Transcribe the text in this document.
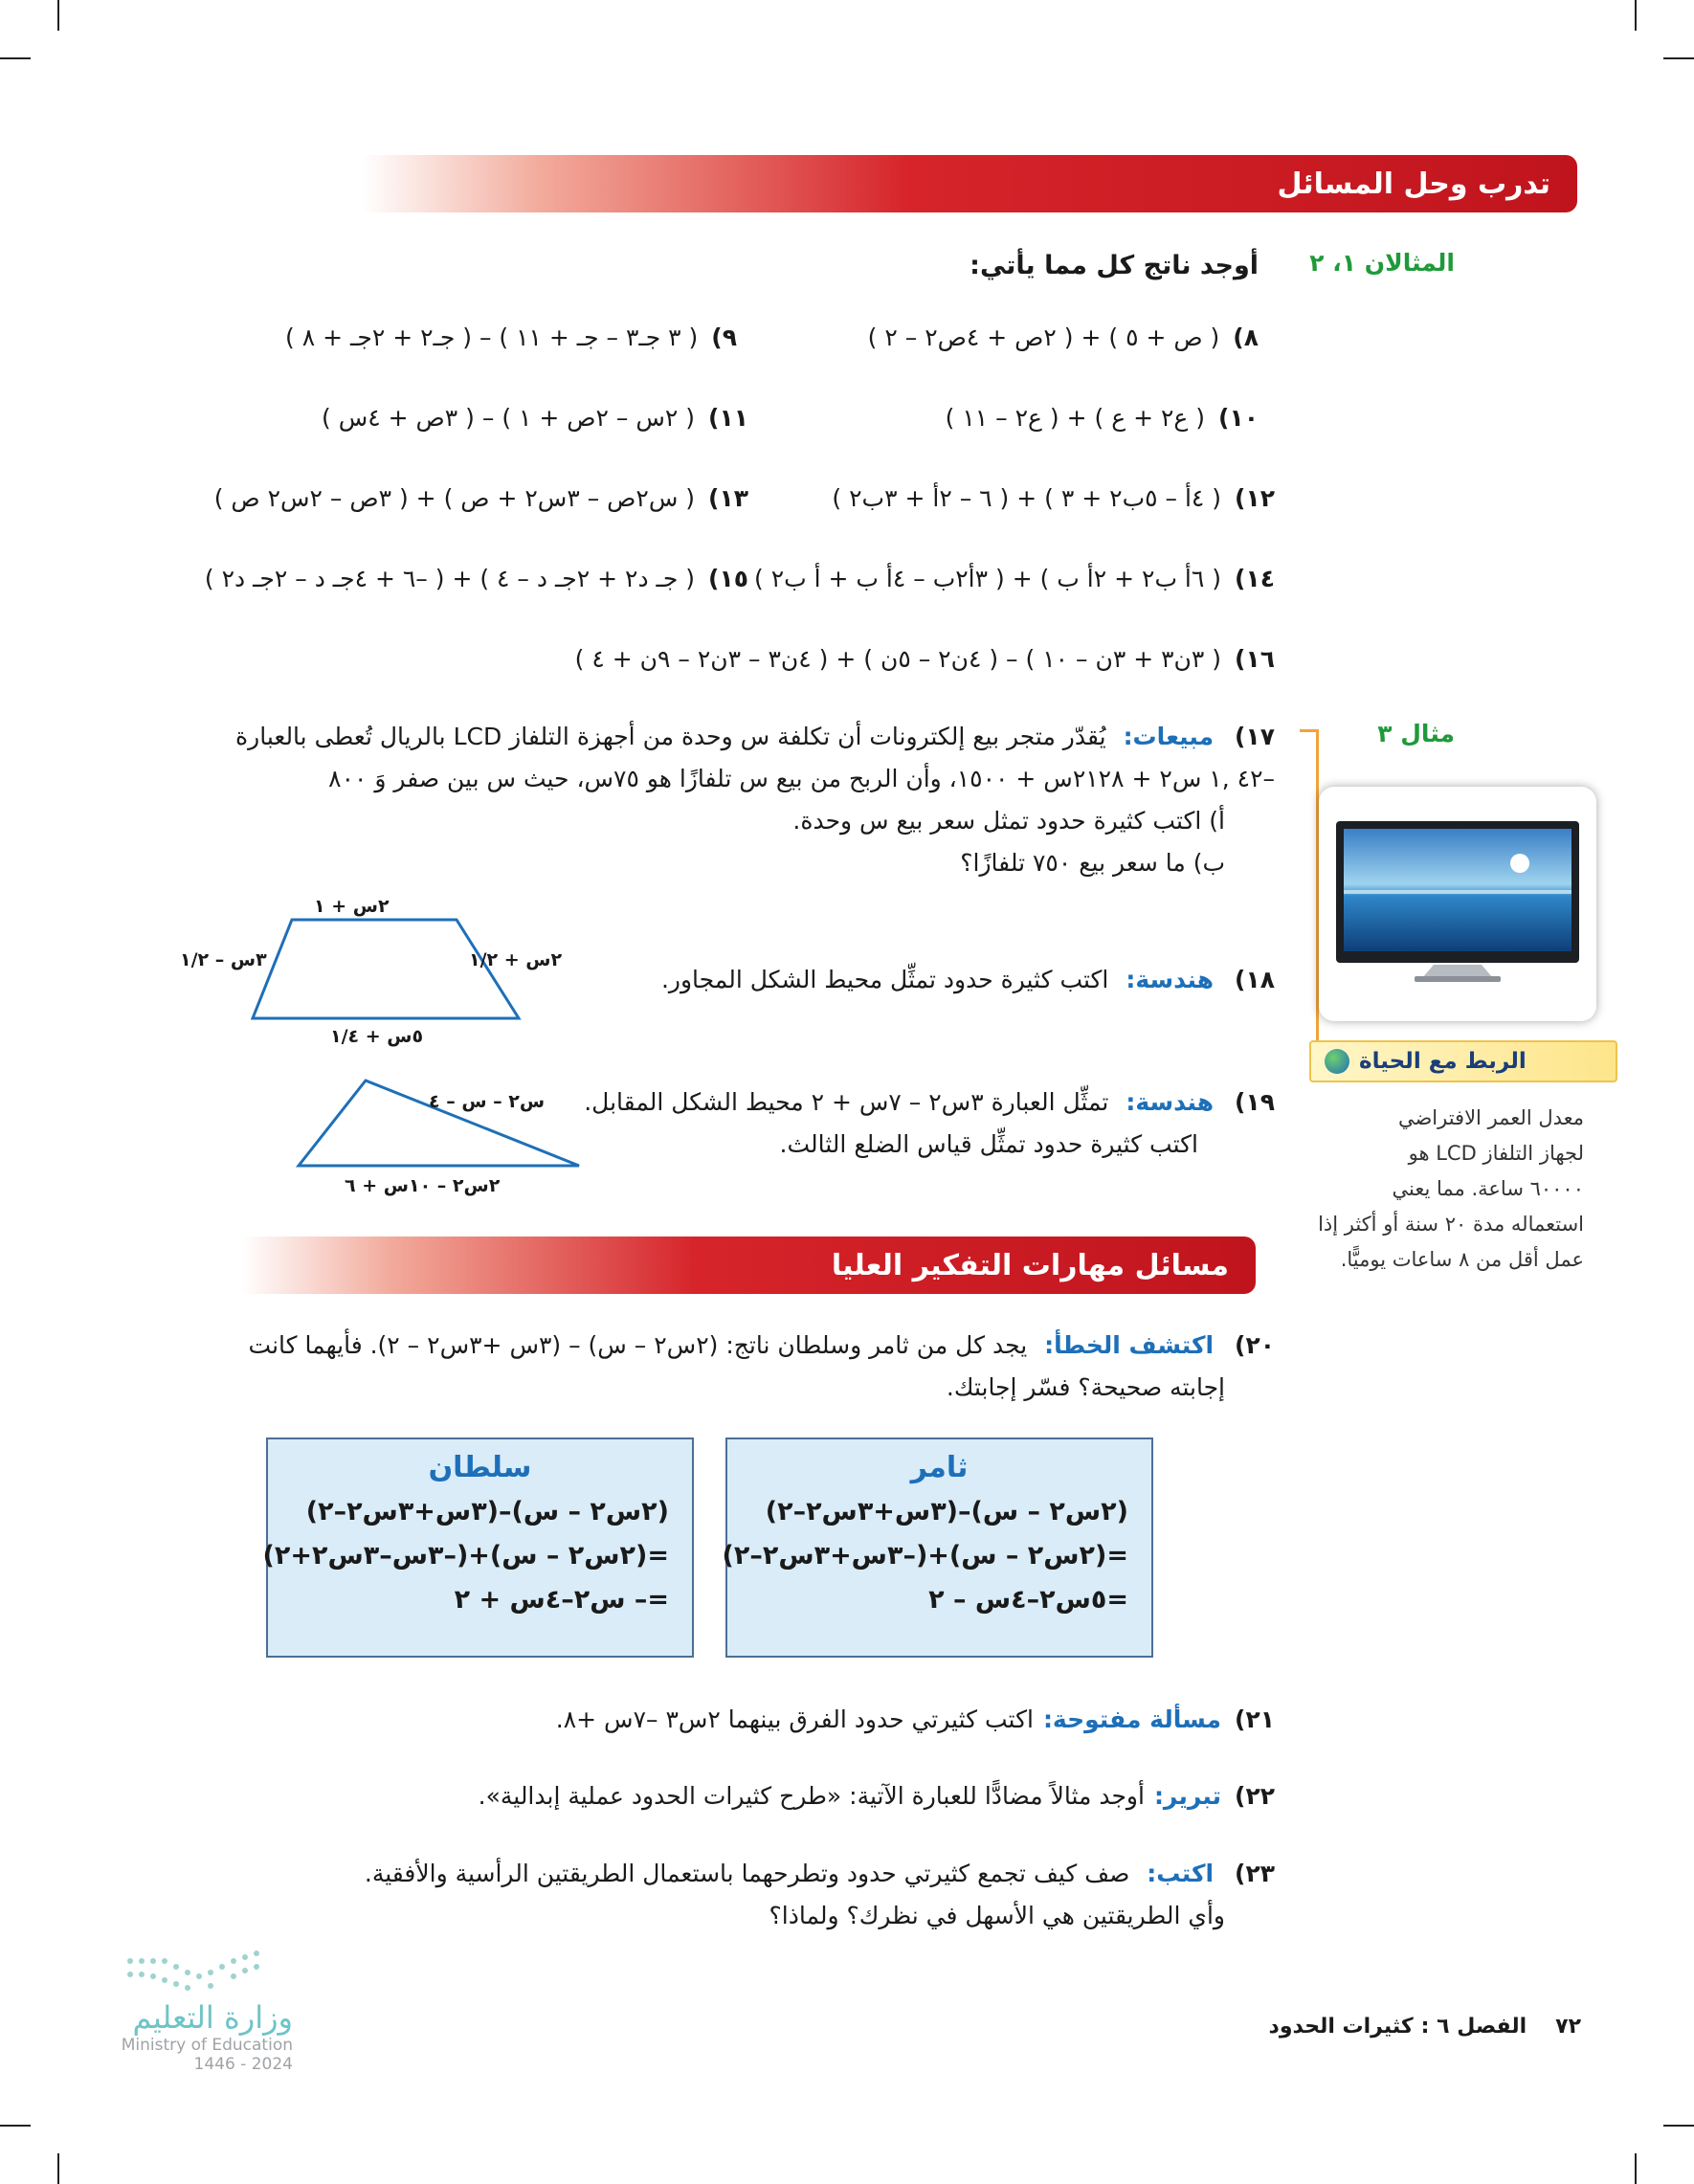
تدرب وحل المسائل
المثالان ١، ٢
أوجد ناتج كل مما يأتي:
٨)
( ص + ٥ ) + ( ٢ص + ٤ص٢ – ٢ )
٩)
( ٣ جـ٣ – جـ + ١١ ) – ( جـ٢ + ٢جـ + ٨ )
١٠)
( ع٢ + ع ) + ( ع٢ – ١١ )
١١)
( ٢س – ٢ص + ١ ) – ( ٣ص + ٤س )
١٢)
( ٤أ – ٥ب٢ + ٣ ) + ( ٦ – ٢أ + ٣ب٢ )
١٣)
( س٢ص – ٣س٢ + ص ) + ( ٣ص – ٢س٢ ص )
١٤)
( ٦أ ب٢ + ٢أ ب ) + ( ٣أ٢ب – ٤أ ب + أ ب٢ )
١٥)
( جـ د٢ + ٢جـ د – ٤ ) + ( –٦ + ٤جـ د – ٢جـ د٢ )
١٦)
( ٣ن٣ + ٣ن – ١٠ ) – ( ٤ن٢ – ٥ن ) + ( ٤ن٣ – ٣ن٢ – ٩ن + ٤ )
مثال ٣
١٧) مبيعات: يُقدّر متجر بيع إلكترونات أن تكلفة س وحدة من أجهزة التلفاز LCD بالريال تُعطى بالعبارة
–٤٢ ,١ س٢ + ٢١٢٨س + ١٥٠٠، وأن الربح من بيع س تلفازًا هو ٧٥س، حيث س بين صفر وَ ٨٠٠
أ) اكتب كثيرة حدود تمثل سعر بيع س وحدة.
ب) ما سعر بيع ٧٥٠ تلفازًا؟
١٨) هندسة: اكتب كثيرة حدود تمثِّل محيط الشكل المجاور.
٢س + ١
٣س – ١/٢	٢س + ١/٢
٥س + ١/٤
١٩) هندسة: تمثِّل العبارة ٣س٢ – ٧س + ٢ محيط الشكل المقابل.
اكتب كثيرة حدود تمثِّل قياس الضلع الثالث.
س٢ – س – ٤
٢س٢ – ١٠س + ٦
الربط مع الحياة
معدل العمر الافتراضي
لجهاز التلفاز LCD هو
٦٠٠٠٠ ساعة. مما يعني
استعماله مدة ٢٠ سنة أو أكثر إذا
عمل أقل من ٨ ساعات يوميًّا.
مسائل مهارات التفكير العليا
٢٠) اكتشف الخطأ: يجد كل من ثامر وسلطان ناتج: (٢س٢ – س) – (٣س +٣س٢ – ٢). فأيهما كانت
إجابته صحيحة؟ فسّر إجابتك.
ثامر
(٢س٢ – س)–(٣س+٣س٢–٢)
=(٢س٢ – س)+(–٣س+٣س٢–٢)
=٥س٢–٤س – ٢
سلطان
(٢س٢ – س)–(٣س+٣س٢–٢)
=(٢س٢ – س)+(–٣س–٣س٢+٢)
=– س٢–٤س + ٢
٢١)
مسألة مفتوحة:
اكتب كثيرتي حدود الفرق بينهما ٢س٣ –٧س +٨.
٢٢)
تبرير:
أوجد مثالاً مضادًّا للعبارة الآتية: «طرح كثيرات الحدود عملية إبدالية».
٢٣) اكتب: صف كيف تجمع كثيرتي حدود وتطرحهما باستعمال الطريقتين الرأسية والأفقية.
وأي الطريقتين هي الأسهل في نظرك؟ ولماذا؟
وزارة التعليم
Ministry of Education
2024 - 1446
٧٢
الفصل ٦ :
كثيرات الحدود
